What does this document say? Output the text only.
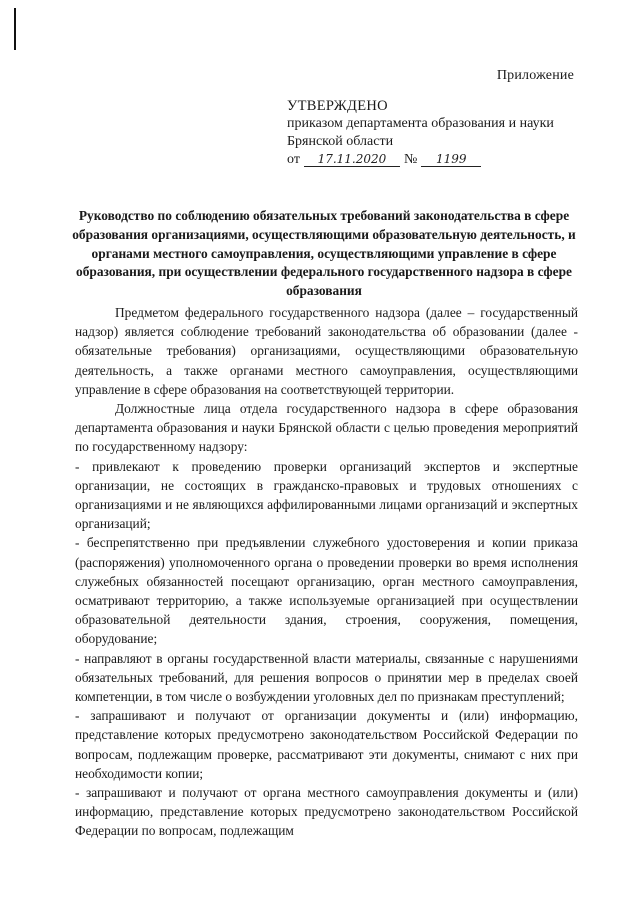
Приложение
УТВЕРЖДЕНО
приказом департамента образования и науки
Брянской области
от	17.11.2020	№	1199
Руководство по соблюдению обязательных требований законодательства в сфере образования организациями, осуществляющими образовательную деятельность, и органами местного самоуправления, осуществляющими управление в сфере образования, при осуществлении федерального государственного надзора в сфере образования

Предметом федерального государственного надзора (далее – государственный надзор) является соблюдение требований законодательства об образовании (далее - обязательные требования) организациями, осуществляющими образовательную деятельность, а также органами местного самоуправления, осуществляющими управление в сфере образования на соответствующей территории.

Должностные лица отдела государственного надзора в сфере образования департамента образования и науки Брянской области с целью проведения мероприятий по государственному надзору:

- привлекают к проведению проверки организаций экспертов и экспертные организации, не состоящих в гражданско-правовых и трудовых отношениях с организациями и не являющихся аффилированными лицами организаций и экспертных организаций;

- беспрепятственно при предъявлении служебного удостоверения и копии приказа (распоряжения) уполномоченного органа о проведении проверки во время исполнения служебных обязанностей посещают организацию, орган местного самоуправления, осматривают территорию, а также используемые организацией при осуществлении образовательной деятельности здания, строения, сооружения, помещения, оборудование;

- направляют в органы государственной власти материалы, связанные с нарушениями обязательных требований, для решения вопросов о принятии мер в пределах своей компетенции, в том числе о возбуждении уголовных дел по признакам преступлений;

- запрашивают и получают от организации документы и (или) информацию, представление которых предусмотрено законодательством Российской Федерации по вопросам, подлежащим проверке, рассматривают эти документы, снимают с них при необходимости копии;

- запрашивают и получают от органа местного самоуправления документы и (или) информацию, представление которых предусмотрено законодательством Российской Федерации по вопросам, подлежащим
